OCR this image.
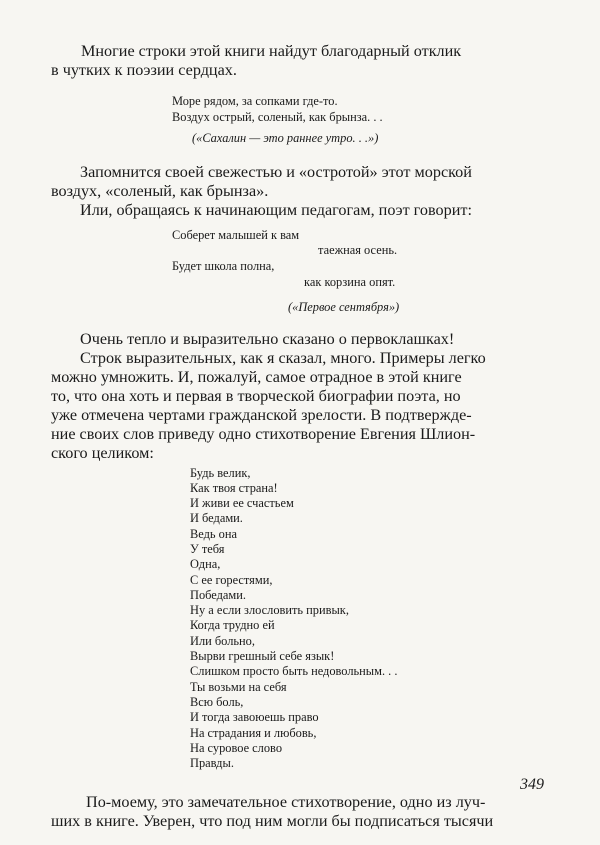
Многие строки этой книги найдут благодарный отклик
в чутких к поэзии сердцах.

Море рядом, за сопками где-то.
Воздух острый, соленый, как брынза. . .
(«Сахалин — это раннее утро. . .»)

Запомнится своей свежестью и «остротой» этот морской
воздух, «соленый, как брынза».

Или, обращаясь к начинающим педагогам, поэт говорит:

Соберет малышей к вам
таежная осень.
Будет школа полна,
как корзина опят.
(«Первое сентября»)

Очень тепло и выразительно сказано о первоклашках!

Строк выразительных, как я сказал, много. Примеры легко
можно умножить. И, пожалуй, самое отрадное в этой книге
то, что она хоть и первая в творческой биографии поэта, но
уже отмечена чертами гражданской зрелости. В подтвержде-
ние своих слов приведу одно стихотворение Евгения Шлион-
ского целиком:

Будь велик,
Как твоя страна!
И живи ее счастьем
И бедами.
Ведь она
У тебя
Одна,
С ее горестями,
Победами.
Ну а если злословить привык,
Когда трудно ей
Или больно,
Вырви грешный себе язык!
Слишком просто быть недовольным. . .
Ты возьми на себя
Всю боль,
И тогда завоюешь право
На страдания и любовь,
На суровое слово
Правды.

По-моему, это замечательное стихотворение, одно из луч-
ших в книге. Уверен, что под ним могли бы подписаться тысячи

349
